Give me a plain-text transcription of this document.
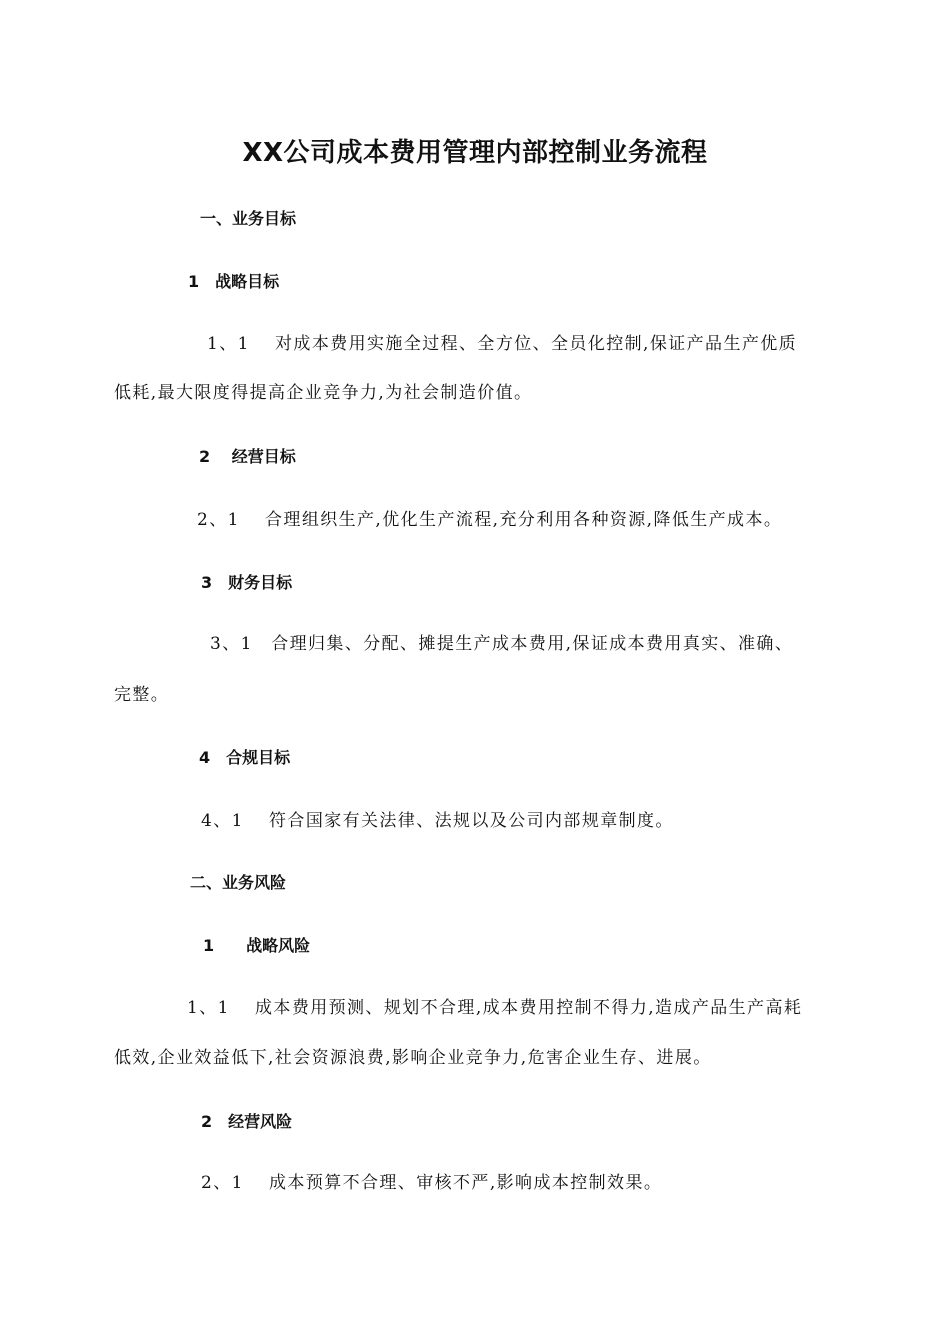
XX公司成本费用管理内部控制业务流程
一、业务目标
1　战略目标
1、1　 对成本费用实施全过程、全方位、全员化控制,保证产品生产优质
低耗,最大限度得提高企业竞争力,为社会制造价值。
2　 经营目标
2、1　 合理组织生产,优化生产流程,充分利用各种资源,降低生产成本。
3　财务目标
3、1　合理归集、分配、摊提生产成本费用,保证成本费用真实、准确、
完整。
4　合规目标
4、1　 符合国家有关法律、法规以及公司内部规章制度。
二、业务风险
1　　战略风险
1、1　 成本费用预测、规划不合理,成本费用控制不得力,造成产品生产高耗
低效,企业效益低下,社会资源浪费,影响企业竞争力,危害企业生存、进展。
2　经营风险
2、1　 成本预算不合理、审核不严,影响成本控制效果。
